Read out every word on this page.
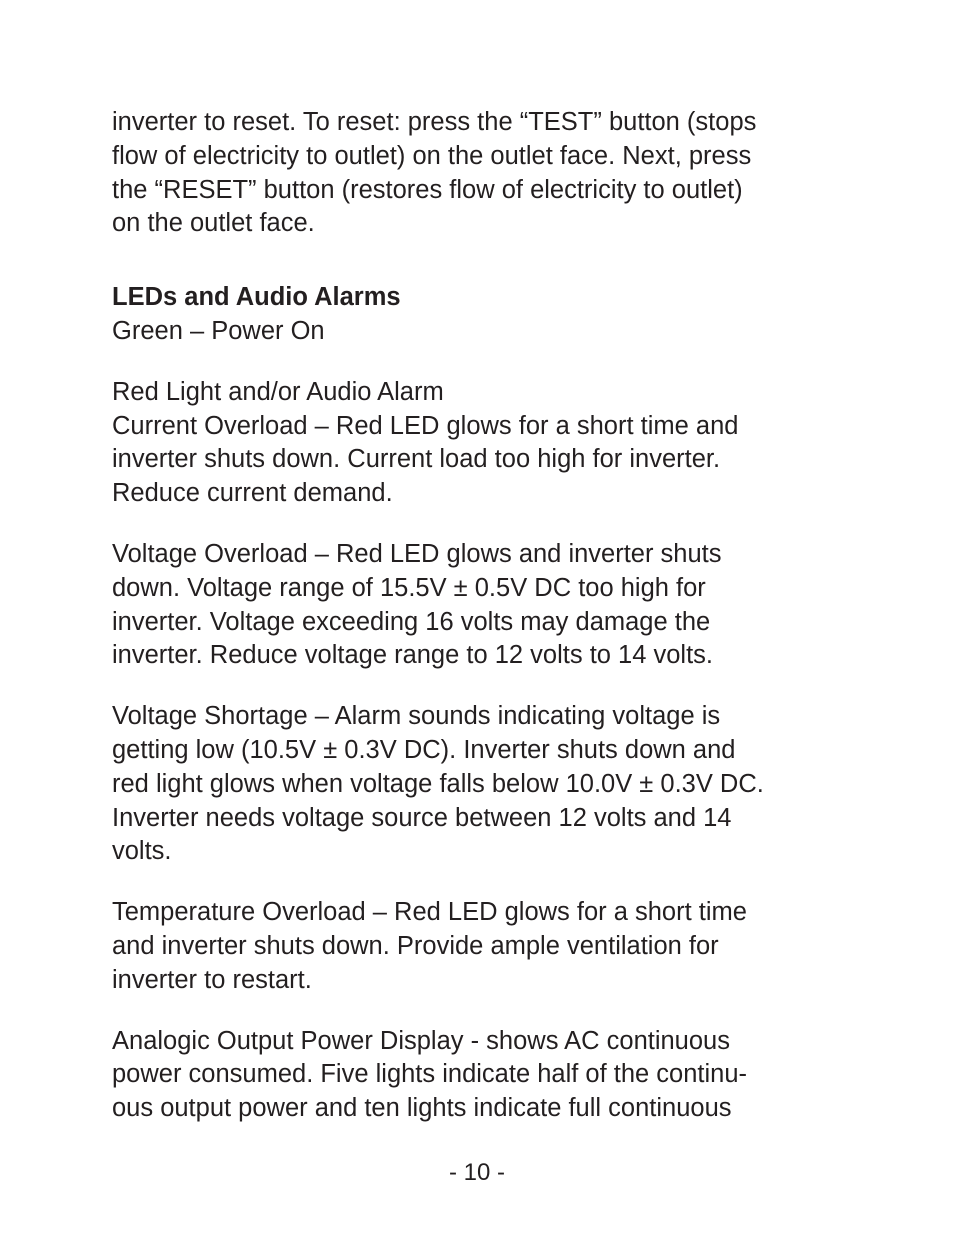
inverter to reset. To reset: press the “TEST” button (stops
flow of electricity to outlet) on the outlet face. Next, press
the “RESET” button (restores flow of electricity to outlet)
on the outlet face.
LEDs and Audio Alarms
Green – Power On
Red Light and/or Audio Alarm
Current Overload – Red LED glows for a short time and
inverter shuts down. Current load too high for inverter.
Reduce current demand.
Voltage Overload – Red LED glows and inverter shuts
down. Voltage range of 15.5V ± 0.5V DC too high for
inverter. Voltage exceeding 16 volts may damage the
inverter. Reduce voltage range to 12 volts to 14 volts.
Voltage Shortage – Alarm sounds indicating voltage is
getting low (10.5V ± 0.3V DC). Inverter shuts down and
red light glows when voltage falls below 10.0V ± 0.3V DC.
Inverter needs voltage source between 12 volts and 14
volts.
Temperature Overload – Red LED glows for a short time
and inverter shuts down. Provide ample ventilation for
inverter to restart.
Analogic Output Power Display - shows AC continuous
power consumed. Five lights indicate half of the continu-
ous output power and ten lights indicate full continuous
- 10 -
